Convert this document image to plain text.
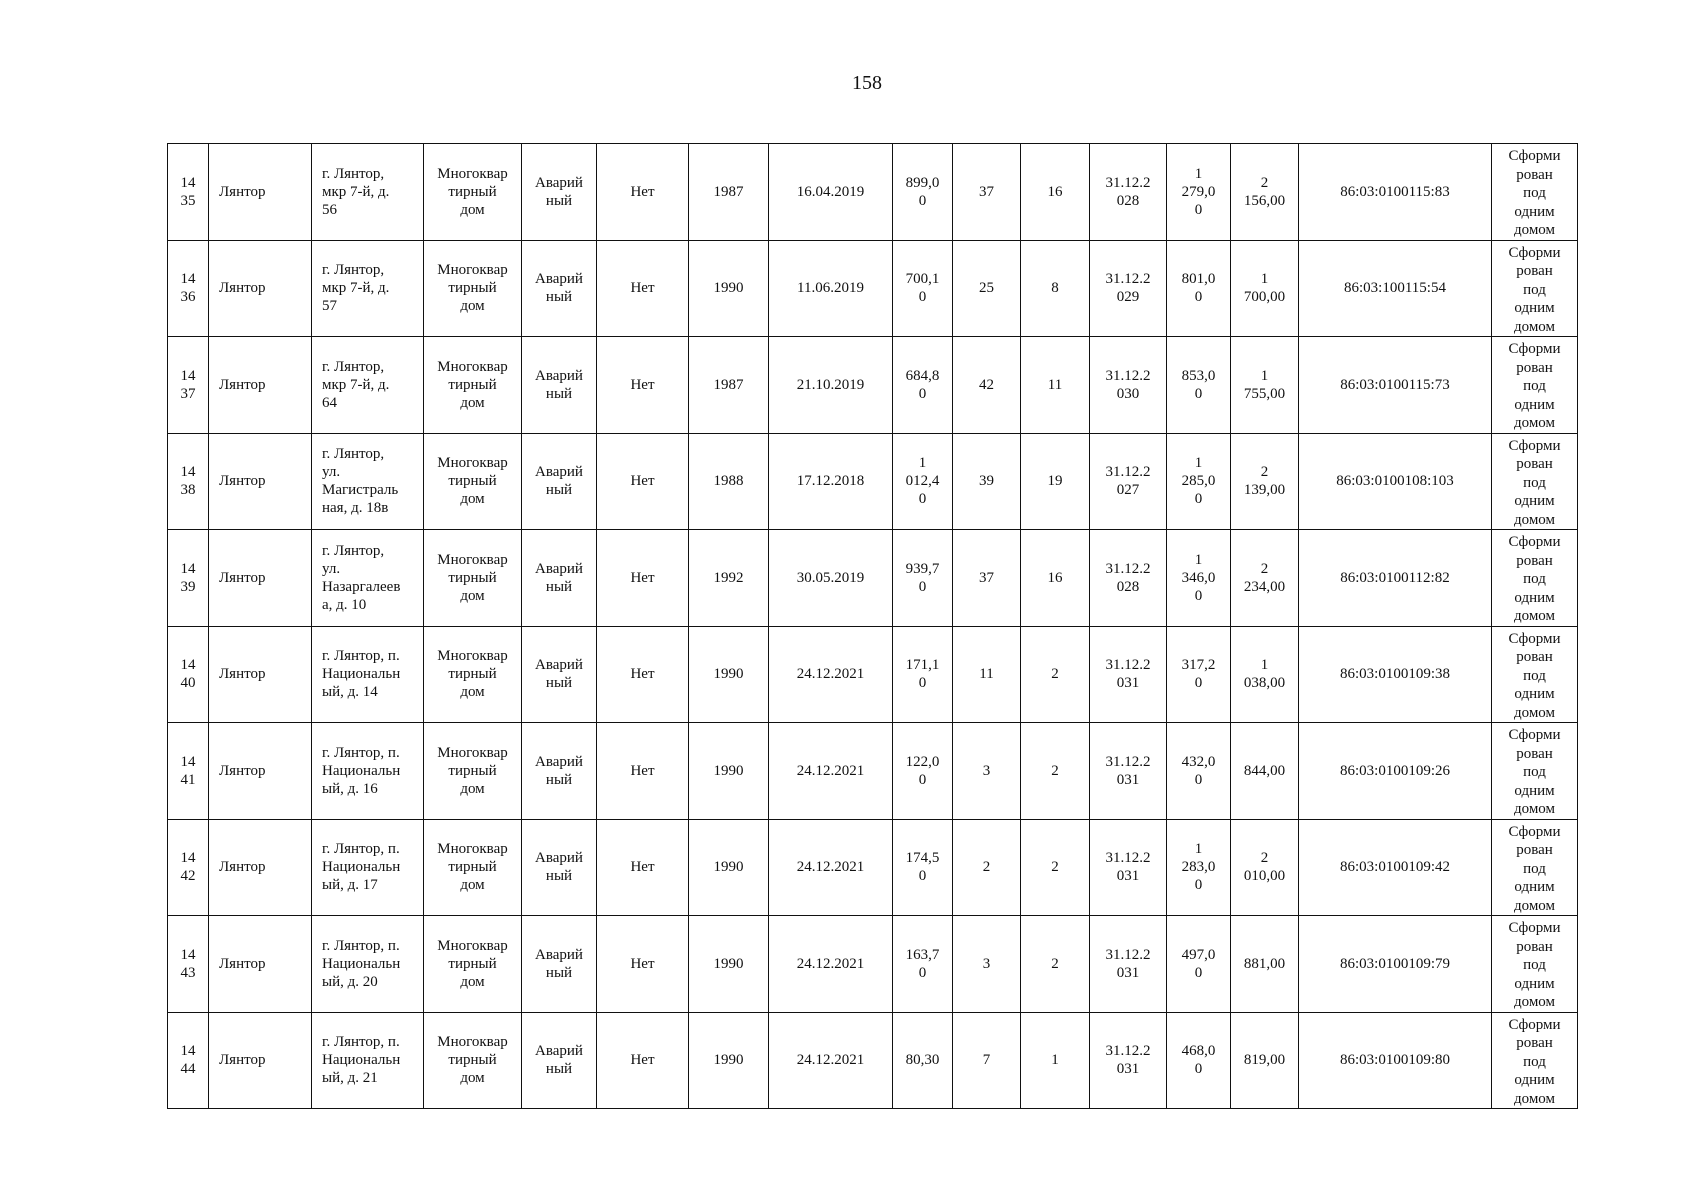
158
14
35	Лянтор	г. Лянтор,
мкр 7-й, д.
56	Многоквар
тирный
дом	Аварий
ный	Нет	1987	16.04.2019	899,0
0	37	16	31.12.2
028	1
279,0
0	2
156,00	86:03:0100115:83	Сформи
рован
под
одним
домом

14
36	Лянтор	г. Лянтор,
мкр 7-й, д.
57	Многоквар
тирный
дом	Аварий
ный	Нет	1990	11.06.2019	700,1
0	25	8	31.12.2
029	801,0
0	1
700,00	86:03:100115:54	Сформи
рован
под
одним
домом

14
37	Лянтор	г. Лянтор,
мкр 7-й, д.
64	Многоквар
тирный
дом	Аварий
ный	Нет	1987	21.10.2019	684,8
0	42	11	31.12.2
030	853,0
0	1
755,00	86:03:0100115:73	Сформи
рован
под
одним
домом

14
38	Лянтор	г. Лянтор,
ул.
Магистраль
ная, д. 18в	Многоквар
тирный
дом	Аварий
ный	Нет	1988	17.12.2018	1
012,4
0	39	19	31.12.2
027	1
285,0
0	2
139,00	86:03:0100108:103	Сформи
рован
под
одним
домом

14
39	Лянтор	г. Лянтор,
ул.
Назаргалеев
а, д. 10	Многоквар
тирный
дом	Аварий
ный	Нет	1992	30.05.2019	939,7
0	37	16	31.12.2
028	1
346,0
0	2
234,00	86:03:0100112:82	Сформи
рован
под
одним
домом

14
40	Лянтор	г. Лянтор, п.
Национальн
ый, д. 14	Многоквар
тирный
дом	Аварий
ный	Нет	1990	24.12.2021	171,1
0	11	2	31.12.2
031	317,2
0	1
038,00	86:03:0100109:38	Сформи
рован
под
одним
домом

14
41	Лянтор	г. Лянтор, п.
Национальн
ый, д. 16	Многоквар
тирный
дом	Аварий
ный	Нет	1990	24.12.2021	122,0
0	3	2	31.12.2
031	432,0
0	844,00	86:03:0100109:26	Сформи
рован
под
одним
домом

14
42	Лянтор	г. Лянтор, п.
Национальн
ый, д. 17	Многоквар
тирный
дом	Аварий
ный	Нет	1990	24.12.2021	174,5
0	2	2	31.12.2
031	1
283,0
0	2
010,00	86:03:0100109:42	Сформи
рован
под
одним
домом

14
43	Лянтор	г. Лянтор, п.
Национальн
ый, д. 20	Многоквар
тирный
дом	Аварий
ный	Нет	1990	24.12.2021	163,7
0	3	2	31.12.2
031	497,0
0	881,00	86:03:0100109:79	Сформи
рован
под
одним
домом

14
44	Лянтор	г. Лянтор, п.
Национальн
ый, д. 21	Многоквар
тирный
дом	Аварий
ный	Нет	1990	24.12.2021	80,30	7	1	31.12.2
031	468,0
0	819,00	86:03:0100109:80	Сформи
рован
под
одним
домом
